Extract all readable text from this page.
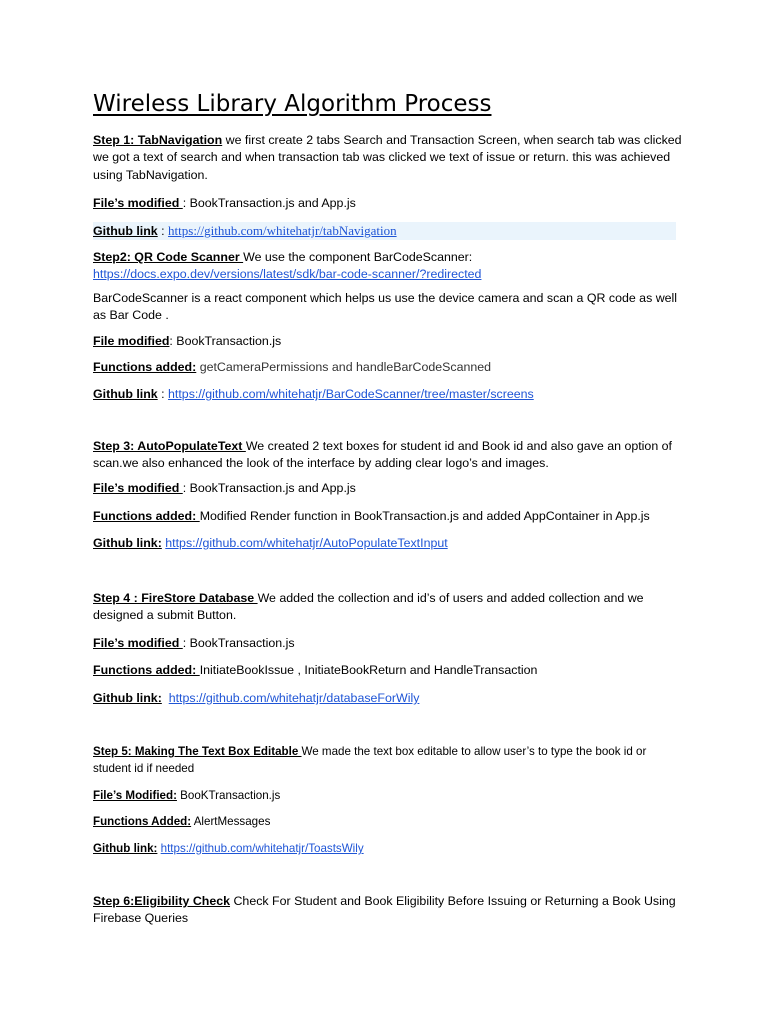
Wireless Library Algorithm Process

Step 1: TabNavigation we first create 2 tabs Search and Transaction Screen, when search tab was clicked we got a text of search and when transaction tab was clicked we text of issue or return. this was achieved using TabNavigation.

File’s modified : BookTransaction.js and App.js

Github link : https://github.com/whitehatjr/tabNavigation

Step2: QR Code Scanner We use the component BarCodeScanner:
https://docs.expo.dev/versions/latest/sdk/bar-code-scanner/?redirected

BarCodeScanner is a react component which helps us use the device camera and scan a QR code as well as Bar Code .

File modified: BookTransaction.js

Functions added: getCameraPermissions and handleBarCodeScanned

Github link : https://github.com/whitehatjr/BarCodeScanner/tree/master/screens

Step 3: AutoPopulateText We created 2 text boxes for student id and Book id and also gave an option of scan.we also enhanced the look of the interface by adding clear logo’s and images.

File’s modified : BookTransaction.js and App.js

Functions added: Modified Render function in BookTransaction.js and added AppContainer in App.js

Github link: https://github.com/whitehatjr/AutoPopulateTextInput

Step 4 : FireStore Database We added the collection and id’s of users and added collection and we designed a submit Button.

File’s modified : BookTransaction.js

Functions added: InitiateBookIssue , InitiateBookReturn and HandleTransaction

Github link: https://github.com/whitehatjr/databaseForWily

Step 5: Making The Text Box Editable We made the text box editable to allow user’s to type the book id or student id if needed

File’s Modified: BooKTransaction.js

Functions Added: AlertMessages

Github link: https://github.com/whitehatjr/ToastsWily

Step 6:Eligibility Check Check For Student and Book Eligibility Before Issuing or Returning a Book Using Firebase Queries
